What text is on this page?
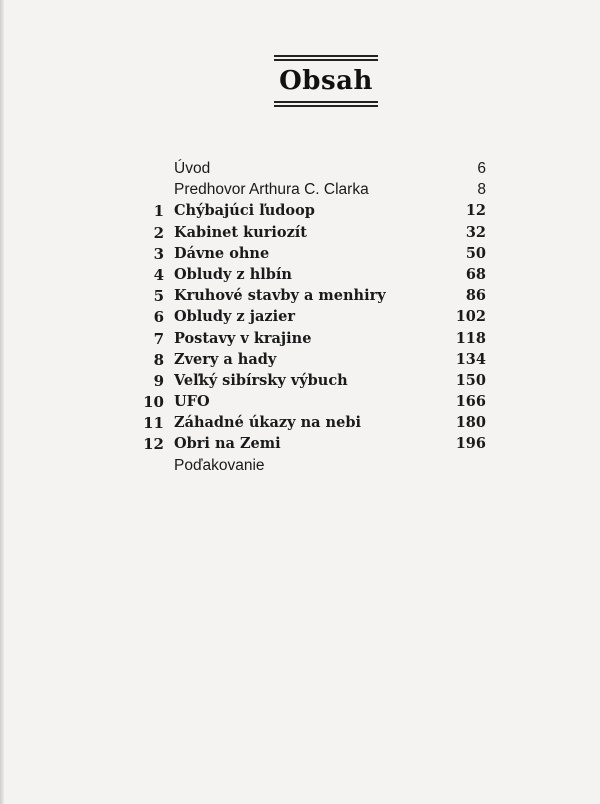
Obsah
Úvod	6
Predhovor Arthura C. Clarka	8
1 Chýbajúci ľudoop	12
2 Kabinet kuriozít	32
3 Dávne ohne	50
4 Obludy z hlbín	68
5 Kruhové stavby a menhiry	86
6 Obludy z jazier	102
7 Postavy v krajine	118
8 Zvery a hady	134
9 Veľký sibírsky výbuch	150
10 UFO	166
11 Záhadné úkazy na nebi	180
12 Obri na Zemi	196
Poďakovanie
